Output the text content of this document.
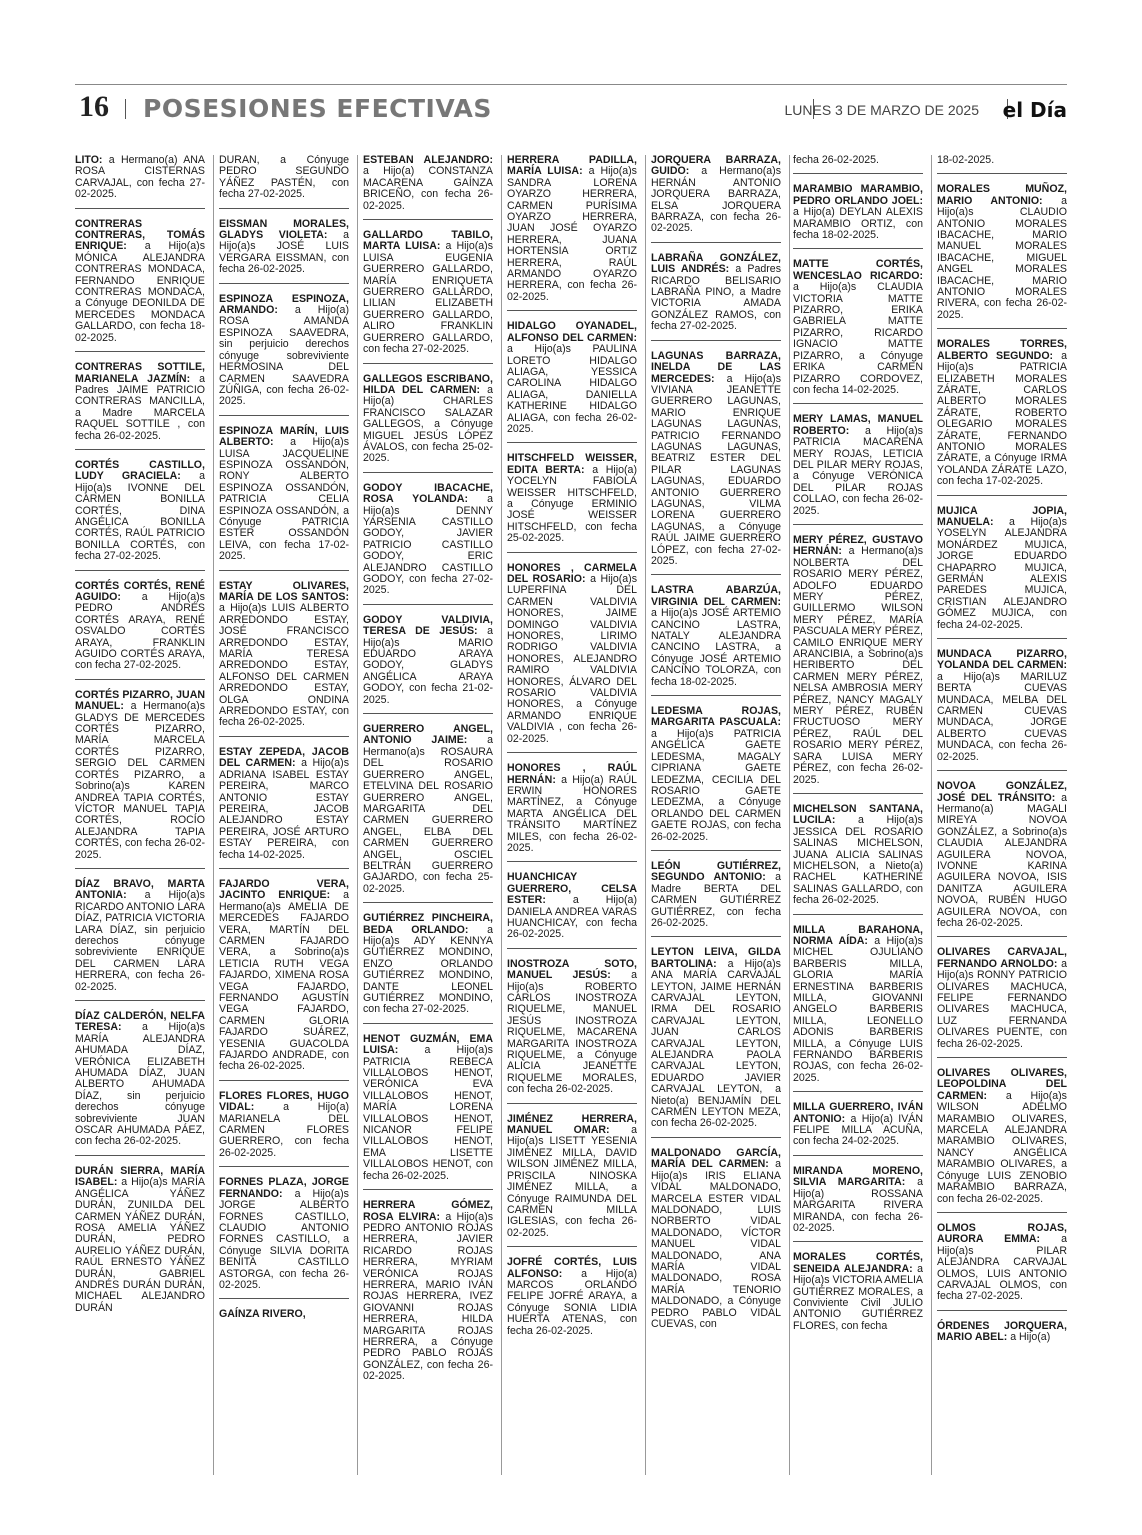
16 POSESIONES EFECTIVAS	LUNES 3 DE MARZO DE 2025 el Día

LITO: a Hermano(a) ANA ROSA CISTERNAS CARVAJAL, con fecha 27-02-2025.

CONTRERAS CONTRERAS, TOMÁS ENRIQUE: a Hijo(a)s MÓNICA ALEJANDRA CONTRERAS MONDACA, FERNANDO ENRIQUE CONTRERAS MONDACA, a Cónyuge DEONILDA DE MERCEDES MONDACA GALLARDO, con fecha 18-02-2025.

CONTRERAS SOTTILE, MARIANELA JAZMÍN: a Padres JAIME PATRICIO CONTRERAS MANCILLA, a Madre MARCELA RAQUEL SOTTILE , con fecha 26-02-2025.

CORTÉS CASTILLO, LUDY GRACIELA: a Hijo(a)s IVONNE DEL CARMEN BONILLA CORTÉS, DINA ANGÉLICA BONILLA CORTÉS, RAÚL PATRICIO BONILLA CORTÉS, con fecha 27-02-2025.

CORTÉS CORTÉS, RENÉ AGUIDO: a Hijo(a)s PEDRO ANDRÉS CORTÉS ARAYA, RENÉ OSVALDO CORTÉS ARAYA, FRANKLIN AGUIDO CORTÉS ARAYA, con fecha 27-02-2025.

CORTÉS PIZARRO, JUAN MANUEL: a Hermano(a)s GLADYS DE MERCEDES CORTÉS PIZARRO, MARÍA MARCELA CORTÉS PIZARRO, SERGIO DEL CARMEN CORTÉS PIZARRO, a Sobrino(a)s KAREN ANDREA TAPIA CORTÉS, VÍCTOR MANUEL TAPIA CORTÉS, ROCÍO ALEJANDRA TAPIA CORTÉS, con fecha 26-02-2025.

DÍAZ BRAVO, MARTA ANTONIA: a Hijo(a)s RICARDO ANTONIO LARA DÍAZ, PATRICIA VICTORIA LARA DÍAZ, sin perjuicio derechos cónyuge sobreviviente ENRIQUE DEL CARMEN LARA HERRERA, con fecha 26-02-2025.

DÍAZ CALDERÓN, NELFA TERESA: a Hijo(a)s MARÍA ALEJANDRA AHUMADA DÍAZ, VERÓNICA ELIZABETH AHUMADA DÍAZ, JUAN ALBERTO AHUMADA DÍAZ, sin perjuicio derechos cónyuge sobreviviente JUAN OSCAR AHUMADA PÁEZ, con fecha 26-02-2025.

DURÁN SIERRA, MARÍA ISABEL: a Hijo(a)s MARÍA ANGÉLICA YÁÑEZ DURÁN, ZUNILDA DEL CARMEN YÁÑEZ DURÁN, ROSA AMELIA YÁÑEZ DURÁN, PEDRO AURELIO YÁÑEZ DURÁN, RAÚL ERNESTO YÁÑEZ DURÁN, GABRIEL ANDRÉS DURÁN DURÁN, MICHAEL ALEJANDRO DURÁN

DURÁN, a Cónyuge PEDRO SEGUNDO YÁÑEZ PASTÉN, con fecha 27-02-2025.

EISSMAN MORALES, GLADYS VIOLETA: a Hijo(a)s JOSÉ LUIS VERGARA EISSMAN, con fecha 26-02-2025.

ESPINOZA ESPINOZA, ARMANDO: a Hijo(a) ROSA AMANDA ESPINOZA SAAVEDRA, sin perjuicio derechos cónyuge sobreviviente HERMOSINA DEL CARMEN SAAVEDRA ZÚÑIGA, con fecha 26-02-2025.

ESPINOZA MARÍN, LUIS ALBERTO: a Hijo(a)s LUISA JACQUELINE ESPINOZA OSSANDÓN, RONY ALBERTO ESPINOZA OSSANDÓN, PATRICIA CELIA ESPINOZA OSSANDÓN, a Cónyuge PATRICIA ESTER OSSANDÓN LEIVA, con fecha 17-02-2025.

ESTAY OLIVARES, MARÍA DE LOS SANTOS: a Hijo(a)s LUIS ALBERTO ARREDONDO ESTAY, JOSÉ FRANCISCO ARREDONDO ESTAY, MARÍA TERESA ARREDONDO ESTAY, ALFONSO DEL CARMEN ARREDONDO ESTAY, OLGA ONDINA ARREDONDO ESTAY, con fecha 26-02-2025.

ESTAY ZEPEDA, JACOB DEL CARMEN: a Hijo(a)s ADRIANA ISABEL ESTAY PEREIRA, MARCO ANTONIO ESTAY PEREIRA, JACOB ALEJANDRO ESTAY PEREIRA, JOSÉ ARTURO ESTAY PEREIRA, con fecha 14-02-2025.

FAJARDO VERA, JACINTO ENRIQUE: a Hermano(a)s AMELIA DE MERCEDES FAJARDO VERA, MARTÍN DEL CARMEN FAJARDO VERA, a Sobrino(a)s LETICIA RUTH VEGA FAJARDO, XIMENA ROSA VEGA FAJARDO, FERNANDO AGUSTÍN VEGA FAJARDO, CARMEN GLORIA FAJARDO SUÁREZ, YESENIA GUACOLDA FAJARDO ANDRADE, con fecha 26-02-2025.

FLORES FLORES, HUGO VIDAL:	a Hijo(a) MARIANELA DEL CARMEN FLORES GUERRERO, con fecha 26-02-2025.

FORNES PLAZA, JORGE FERNANDO: a Hijo(a)s JORGE ALBERTO FORNES CASTILLO, CLAUDIO ANTONIO FORNES CASTILLO, a Cónyuge SILVIA DORITA BENITA CASTILLO ASTORGA, con fecha 26-02-2025.

GAÍNZA RIVERO,

ESTEBAN ALEJANDRO: a Hijo(a) CONSTANZA MACARENA GAÍNZA BRICEÑO, con fecha 26-02-2025.

GALLARDO TABILO, MARTA LUISA: a Hijo(a)s LUISA EUGENIA GUERRERO GALLARDO, MARÍA ENRIQUETA GUERRERO GALLARDO, LILIAN ELIZABETH GUERRERO GALLARDO, ALIRO FRANKLIN GUERRERO GALLARDO, con fecha 27-02-2025.

GALLEGOS ESCRIBANO, HILDA DEL CARMEN: a Hijo(a) CHARLES FRANCISCO SALAZAR GALLEGOS, a Cónyuge MIGUEL JESÚS LÓPEZ ÁVALOS, con fecha 25-02-2025.

GODOY IBACACHE, ROSA YOLANDA: a Hijo(a)s DENNY YARSENIA CASTILLO GODOY, JAVIER PATRICIO CASTILLO GODOY, ERIC ALEJANDRO CASTILLO GODOY, con fecha 27-02-2025.

GODOY VALDIVIA, TERESA DE JESÚS: a Hijo(a)s MARIO EDUARDO ARAYA GODOY, GLADYS ANGÉLICA ARAYA GODOY, con fecha 21-02-2025.

GUERRERO ANGEL, ANTONIO JAIME: a Hermano(a)s ROSAURA DEL ROSARIO GUERRERO ANGEL, ETELVINA DEL ROSARIO GUERRERO ANGEL, MARGARITA DEL CARMEN GUERRERO ANGEL, ELBA DEL CARMEN GUERRERO ANGEL, OSCIEL BELTRÁN GUERRERO GAJARDO, con fecha 25-02-2025.

GUTIÉRREZ PINCHEIRA, BEDA ORLANDO: a Hijo(a)s ADY KENNYA GUTIÉRREZ MONDINO, ENZO ORLANDO GUTIÉRREZ MONDINO, DANTE LEONEL GUTIÉRREZ MONDINO, con fecha 27-02-2025.

HENOT GUZMÁN, EMA LUISA: a Hijo(a)s PATRICIA REBECA VILLALOBOS HENOT, VERÓNICA EVA VILLALOBOS HENOT, MARÍA LORENA VILLALOBOS HENOT, NICANOR FELIPE VILLALOBOS HENOT, EMA LISETTE VILLALOBOS HENOT, con fecha 26-02-2025.

HERRERA GÓMEZ, ROSA ELVIRA: a Hijo(a)s PEDRO ANTONIO ROJAS HERRERA, JAVIER RICARDO ROJAS HERRERA, MYRIAM VERÓNICA ROJAS HERRERA, MARIO IVÁN ROJAS HERRERA, IVEZ GIOVANNI ROJAS HERRERA, HILDA MARGARITA ROJAS HERRERA, a Cónyuge PEDRO PABLO ROJAS GONZÁLEZ, con fecha 26-02-2025.

HERRERA PADILLA, MARÍA LUISA: a Hijo(a)s SANDRA LORENA OYARZO HERRERA, CARMEN PURÍSIMA OYARZO HERRERA, JUAN JOSÉ OYARZO HERRERA, JUANA HORTENSIA ORTIZ HERRERA, RAÚL ARMANDO OYARZO HERRERA, con fecha 26-02-2025.

HIDALGO OYANADEL, ALFONSO DEL CARMEN: a Hijo(a)s PAULINA LORETO HIDALGO ALIAGA, YESSICA CAROLINA HIDALGO ALIAGA, DANIELLA KATHERINE HIDALGO ALIAGA, con fecha 26-02-2025.

HITSCHFELD WEISSER, EDITA BERTA: a Hijo(a) YOCELYN FABIOLA WEISSER HITSCHFELD, a Cónyuge ERMINIO JOSÉ WEISSER HITSCHFELD, con fecha 25-02-2025.

HONORES , CARMELA DEL ROSARIO: a Hijo(a)s LUPERFINA DEL CARMEN VALDIVIA HONORES, JAIME DOMINGO VALDIVIA HONORES, LIRIMO RODRIGO VALDIVIA HONORES, ALEJANDRO RAMIRO VALDIVIA HONORES, ÁLVARO DEL ROSARIO VALDIVIA HONORES, a Cónyuge ARMANDO ENRIQUE VALDIVIA , con fecha 26-02-2025.

HONORES , RAÚL HERNÁN: a Hijo(a) RAÚL ERWIN HONORES MARTÍNEZ, a Cónyuge MARTA ANGÉLICA DEL TRÁNSITO MARTÍNEZ MILES, con fecha 26-02-2025.

HUANCHICAY GUERRERO, CELSA ESTER:	a Hijo(a) DANIELA ANDREA VARAS HUANCHICAY, con fecha 26-02-2025.

INOSTROZA SOTO, MANUEL JESÚS: a Hijo(a)s ROBERTO CARLOS INOSTROZA RIQUELME, MANUEL JESÚS INOSTROZA RIQUELME, MACARENA MARGARITA INOSTROZA RIQUELME, a Cónyuge ALICIA JEANETTE RIQUELME MORALES, con fecha 26-02-2025.

JIMÉNEZ HERRERA, MANUEL OMAR: a Hijo(a)s LISETT YESENIA JIMÉNEZ MILLA, DAVID WILSON JIMÉNEZ MILLA, PRISCILA NINOSKA JIMÉNEZ MILLA, a Cónyuge RAIMUNDA DEL CARMEN MILLA IGLESIAS, con fecha 26-02-2025.

JOFRÉ CORTÉS, LUIS ALFONSO: a Hijo(a) MARCOS ORLANDO FELIPE JOFRÉ ARAYA, a Cónyuge SONIA LIDIA HUERTA ATENAS, con fecha 26-02-2025.

JORQUERA BARRAZA, GUIDO: a Hermano(a)s HERNÁN ANTONIO JORQUERA BARRAZA, ELSA JORQUERA BARRAZA, con fecha 26-02-2025.

LABRAÑA GONZÁLEZ, LUIS ANDRÉS: a Padres RICARDO BELISARIO LABRAÑA PINO, a Madre VICTORIA AMADA GONZÁLEZ RAMOS, con fecha 27-02-2025.

LAGUNAS BARRAZA, INELDA DE LAS MERCEDES: a Hijo(a)s VIVIANA JEANETTE GUERRERO LAGUNAS, MARIO ENRIQUE LAGUNAS LAGUNAS, PATRICIO FERNANDO LAGUNAS LAGUNAS, BEATRIZ ESTER DEL PILAR LAGUNAS LAGUNAS, EDUARDO ANTONIO GUERRERO LAGUNAS, VILMA LORENA GUERRERO LAGUNAS, a Cónyuge RAÚL JAIME GUERRERO LÓPEZ, con fecha 27-02-2025.

LASTRA ABARZÚA, VIRGINIA DEL CARMEN: a Hijo(a)s JOSÉ ARTEMIO CANCINO LASTRA, NATALY ALEJANDRA CANCINO LASTRA, a Cónyuge JOSÉ ARTEMIO CANCINO TOLORZA, con fecha 18-02-2025.

LEDESMA ROJAS, MARGARITA PASCUALA: a Hijo(a)s PATRICIA ANGÉLICA GAETE LEDESMA, MAGALY CIPRIANA GAETE LEDEZMA, CECILIA DEL ROSARIO GAETE LEDEZMA, a Cónyuge ORLANDO DEL CARMEN GAETE ROJAS, con fecha 26-02-2025.

LEÓN GUTIÉRREZ, SEGUNDO ANTONIO: a Madre BERTA DEL CARMEN GUTIÉRREZ GUTIÉRREZ, con fecha 26-02-2025.

LEYTON LEIVA, GILDA BARTOLINA: a Hijo(a)s ANA MARÍA CARVAJAL LEYTON, JAIME HERNÁN CARVAJAL LEYTON, IRMA DEL ROSARIO CARVAJAL LEYTON, JUAN CARLOS CARVAJAL LEYTON, ALEJANDRA PAOLA CARVAJAL LEYTON, EDUARDO JAVIER CARVAJAL LEYTON, a Nieto(a) BENJAMÍN DEL CARMEN LEYTON MEZA, con fecha 26-02-2025.

MALDONADO GARCÍA, MARÍA DEL CARMEN: a Hijo(a)s IRIS ELIANA VIDAL MALDONADO, MARCELA ESTER VIDAL MALDONADO, LUIS NORBERTO VIDAL MALDONADO, VÍCTOR MANUEL VIDAL MALDONADO, ANA MARÍA VIDAL MALDONADO, ROSA MARÍA TENORIO MALDONADO, a Cónyuge PEDRO PABLO VIDAL CUEVAS, con

fecha 26-02-2025.

MARAMBIO MARAMBIO, PEDRO ORLANDO JOEL: a Hijo(a) DEYLAN ALEXIS MARAMBIO ORTIZ, con fecha 18-02-2025.

MATTE CORTÉS, WENCESLAO RICARDO: a Hijo(a)s CLAUDIA VICTORIA MATTE PIZARRO, ERIKA GABRIELA MATTE PIZARRO, RICARDO IGNACIO MATTE PIZARRO, a Cónyuge ERIKA CARMEN PIZARRO CORDOVEZ, con fecha 14-02-2025.

MERY LAMAS, MANUEL ROBERTO: a Hijo(a)s PATRICIA MACARENA MERY ROJAS, LETICIA DEL PILAR MERY ROJAS, a Cónyuge VERÓNICA DEL PILAR ROJAS COLLAO, con fecha 26-02-2025.

MERY PÉREZ, GUSTAVO HERNÁN: a Hermano(a)s NOLBERTA DEL ROSARIO MERY PÉREZ, ADOLFO EDUARDO MERY PÉREZ, GUILLERMO WILSON MERY PÉREZ, MARÍA PASCUALA MERY PÉREZ, CAMILO ENRIQUE MERY ARANCIBIA, a Sobrino(a)s HERIBERTO DEL CARMEN MERY PÉREZ, NELSA AMBROSIA MERY PÉREZ, NANCY MAGALY MERY PÉREZ, RUBÉN FRUCTUOSO MERY PÉREZ, RAÚL DEL ROSARIO MERY PÉREZ, SARA LUISA MERY PÉREZ, con fecha 26-02-2025.

MICHELSON SANTANA, LUCILA: a Hijo(a)s JESSICA DEL ROSARIO SALINAS MICHELSON, JUANA ALICIA SALINAS MICHELSON, a Nieto(a) RACHEL KATHERINE SALINAS GALLARDO, con fecha 26-02-2025.

MILLA BARAHONA, NORMA AÍDA: a Hijo(a)s MICHEL OJULIANO BARBERIS MILLA, GLORIA MARÍA ERNESTINA BARBERIS MILLA, GIOVANNI ANGELO BARBERIS MILLA, LEONELLO ADONIS BARBERIS MILLA, a Cónyuge LUIS FERNANDO BARBERIS ROJAS, con fecha 26-02-2025.

MILLA GUERRERO, IVÁN ANTONIO: a Hijo(a) IVÁN FELIPE MILLA ACUÑA, con fecha 24-02-2025.

MIRANDA MORENO, SILVIA MARGARITA: a Hijo(a) ROSSANA MARGARITA RIVERA MIRANDA, con fecha 26-02-2025.

MORALES CORTÉS, SENEIDA ALEJANDRA: a Hijo(a)s VICTORIA AMELIA GUTIÉRREZ MORALES, a Conviviente Civil JULIO ANTONIO GUTIÉRREZ FLORES, con fecha

18-02-2025.

MORALES MUÑOZ, MARIO ANTONIO: a Hijo(a)s CLAUDIO ANTONIO MORALES IBACACHE, MARIO MANUEL MORALES IBACACHE, MIGUEL ANGEL MORALES IBACACHE, MARIO ANTONIO MORALES RIVERA, con fecha 26-02-2025.

MORALES TORRES, ALBERTO SEGUNDO: a Hijo(a)s PATRICIA ELIZABETH MORALES ZÁRATE, CARLOS ALBERTO MORALES ZÁRATE, ROBERTO OLEGARIO MORALES ZÁRATE, FERNANDO ANTONIO MORALES ZÁRATE, a Cónyuge IRMA YOLANDA ZÁRATE LAZO, con fecha 17-02-2025.

MUJICA JOPIA, MANUELA: a Hijo(a)s YOSELYN ALEJANDRA MONÁRDEZ MUJICA, JORGE EDUARDO CHAPARRO MUJICA, GERMÁN ALEXIS PAREDES MUJICA, CRISTIAN ALEJANDRO GÓMEZ MUJICA, con fecha 24-02-2025.

MUNDACA PIZARRO, YOLANDA DEL CARMEN: a Hijo(a)s MARILUZ BERTA CUEVAS MUNDACA, MELBA DEL CARMEN CUEVAS MUNDACA, JORGE ALBERTO CUEVAS MUNDACA, con fecha 26-02-2025.

NOVOA GONZÁLEZ, JOSÉ DEL TRÁNSITO: a Hermano(a) MAGALI MIREYA NOVOA GONZÁLEZ, a Sobrino(a)s CLAUDIA ALEJANDRA AGUILERA NOVOA, IVONNE KARINA AGUILERA NOVOA, ISIS DANITZA AGUILERA NOVOA, RUBÉN HUGO AGUILERA NOVOA, con fecha 26-02-2025.

OLIVARES CARVAJAL, FERNANDO ARNOLDO: a Hijo(a)s RONNY PATRICIO OLIVARES MACHUCA, FELIPE FERNANDO OLIVARES MACHUCA, LUZ FERNANDA OLIVARES PUENTE, con fecha 26-02-2025.

OLIVARES OLIVARES, LEOPOLDINA DEL CARMEN: a Hijo(a)s WILSON ADELMO MARAMBIO OLIVARES, MARCELA ALEJANDRA MARAMBIO OLIVARES, NANCY ANGÉLICA MARAMBIO OLIVARES, a Cónyuge LUIS ZENOBIO MARAMBIO BARRAZA, con fecha 26-02-2025.

OLMOS ROJAS, AURORA EMMA: a Hijo(a)s PILAR ALEJANDRA CARVAJAL OLMOS, LUIS ANTONIO CARVAJAL OLMOS, con fecha 27-02-2025.

ÓRDENES JORQUERA, MARIO ABEL: a Hijo(a)
